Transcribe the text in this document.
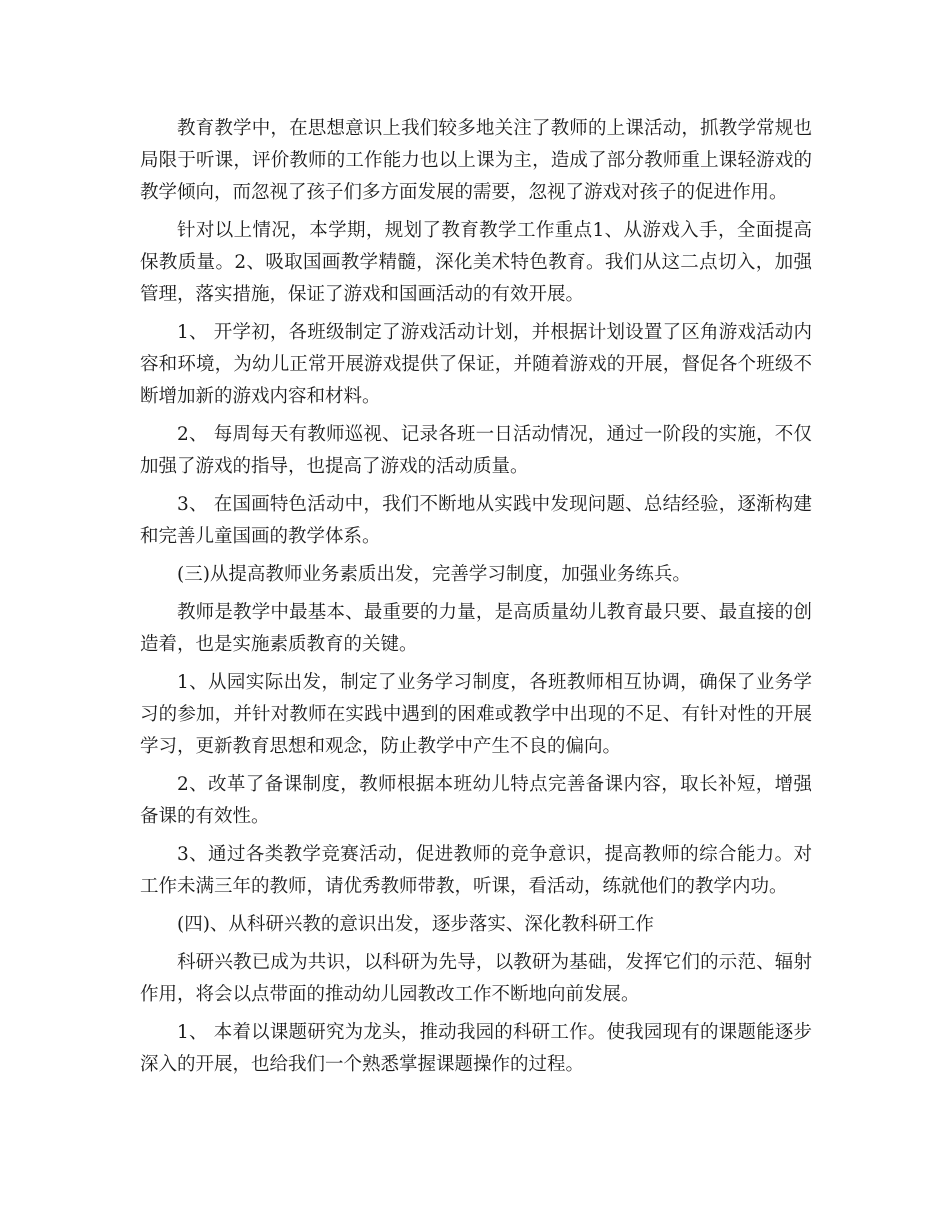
教育教学中，在思想意识上我们较多地关注了教师的上课活动，抓教学常规也局限于听课，评价教师的工作能力也以上课为主，造成了部分教师重上课轻游戏的教学倾向，而忽视了孩子们多方面发展的需要，忽视了游戏对孩子的促进作用。

针对以上情况，本学期，规划了教育教学工作重点1、从游戏入手，全面提高保教质量。2、吸取国画教学精髓，深化美术特色教育。我们从这二点切入，加强管理，落实措施，保证了游戏和国画活动的有效开展。

1、 开学初，各班级制定了游戏活动计划，并根据计划设置了区角游戏活动内容和环境，为幼儿正常开展游戏提供了保证，并随着游戏的开展，督促各个班级不断增加新的游戏内容和材料。

2、 每周每天有教师巡视、记录各班一日活动情况，通过一阶段的实施，不仅加强了游戏的指导，也提高了游戏的活动质量。

3、 在国画特色活动中，我们不断地从实践中发现问题、总结经验，逐渐构建和完善儿童国画的教学体系。

(三)从提高教师业务素质出发，完善学习制度，加强业务练兵。

教师是教学中最基本、最重要的力量，是高质量幼儿教育最只要、最直接的创造着，也是实施素质教育的关键。

1、从园实际出发，制定了业务学习制度，各班教师相互协调，确保了业务学习的参加，并针对教师在实践中遇到的困难或教学中出现的不足、有针对性的开展学习，更新教育思想和观念，防止教学中产生不良的偏向。

2、改革了备课制度，教师根据本班幼儿特点完善备课内容，取长补短，增强备课的有效性。

3、通过各类教学竞赛活动，促进教师的竞争意识，提高教师的综合能力。对工作未满三年的教师，请优秀教师带教，听课，看活动，练就他们的教学内功。

(四)、从科研兴教的意识出发，逐步落实、深化教科研工作

科研兴教已成为共识，以科研为先导，以教研为基础，发挥它们的示范、辐射作用，将会以点带面的推动幼儿园教改工作不断地向前发展。

1、 本着以课题研究为龙头，推动我园的科研工作。使我园现有的课题能逐步深入的开展，也给我们一个熟悉掌握课题操作的过程。
